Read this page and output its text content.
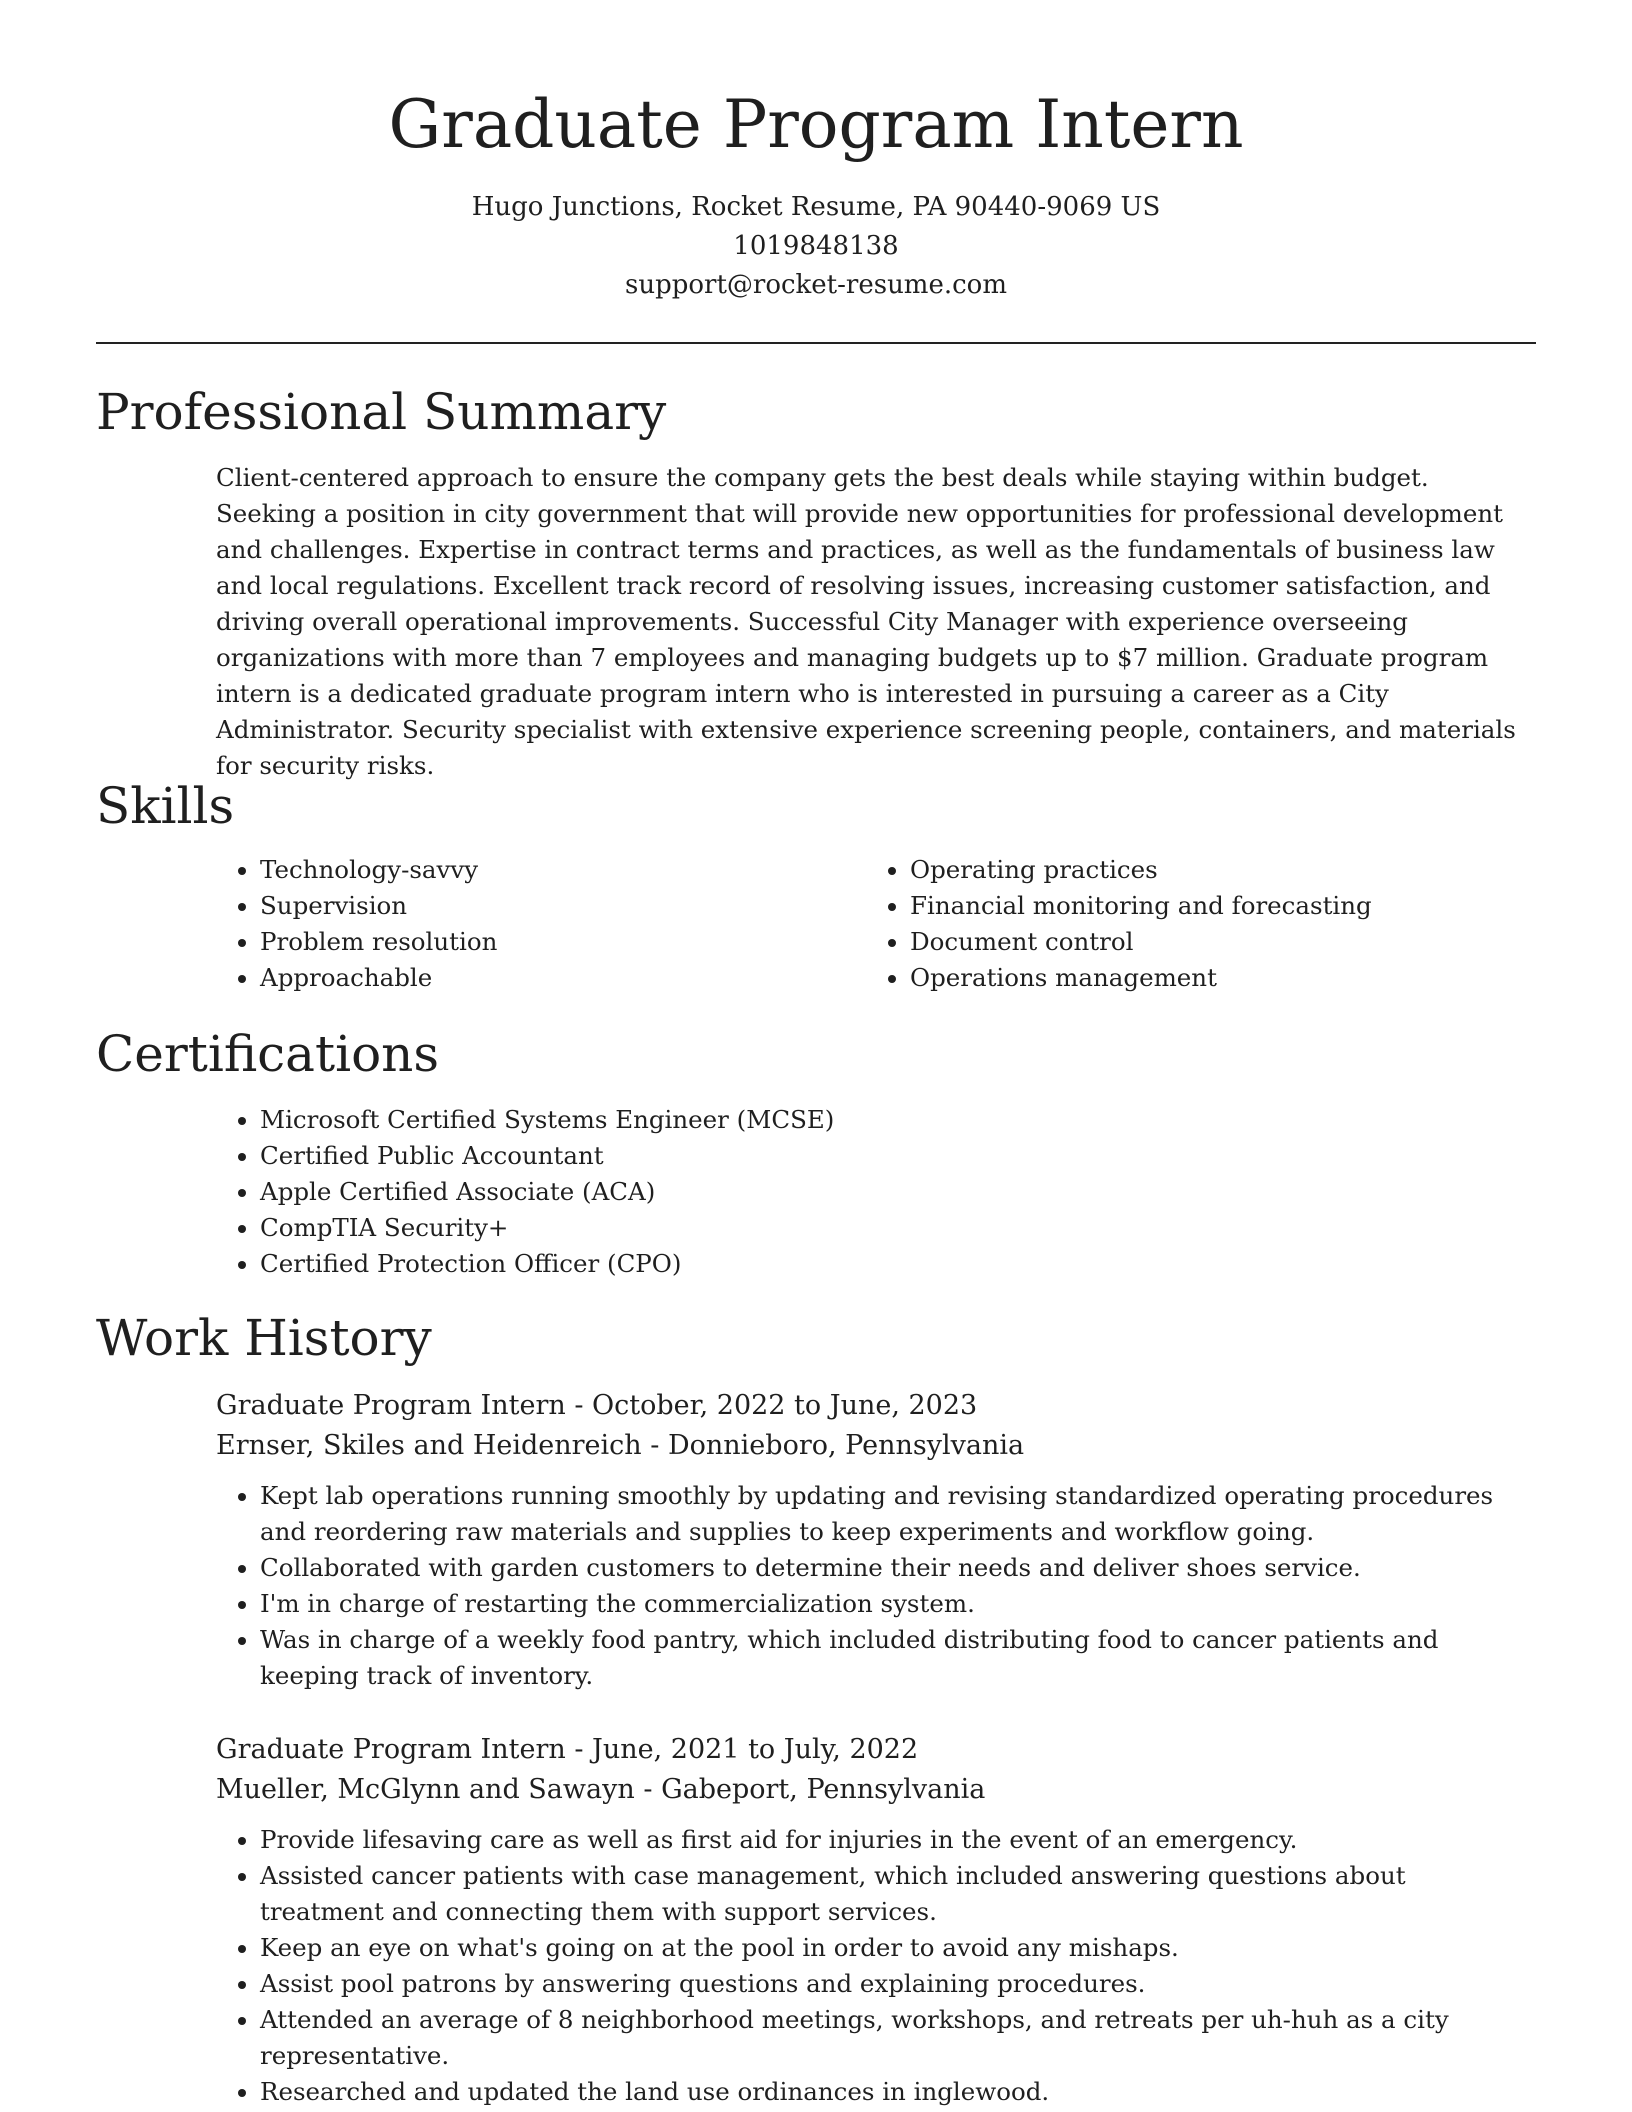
Graduate Program Intern
Hugo Junctions, Rocket Resume, PA 90440-9069 US
1019848138
support@rocket-resume.com
Professional Summary

Client-centered approach to ensure the company gets the best deals while staying within budget. Seeking a position in city government that will provide new opportunities for professional development and challenges. Expertise in contract terms and practices, as well as the fundamentals of business law and local regulations. Excellent track record of resolving issues, increasing customer satisfaction, and driving overall operational improvements. Successful City Manager with experience overseeing organizations with more than 7 employees and managing budgets up to $7 million. Graduate program intern is a dedicated graduate program intern who is interested in pursuing a career as a City Administrator. Security specialist with extensive experience screening people, containers, and materials for security risks.

Skills
• Technology-savvy
• Supervision
• Problem resolution
• Approachable
• Operating practices
• Financial monitoring and forecasting
• Document control
• Operations management
Certifications
• Microsoft Certified Systems Engineer (MCSE)
• Certified Public Accountant
• Apple Certified Associate (ACA)
• CompTIA Security+
• Certified Protection Officer (CPO)
Work History
Graduate Program Intern - October, 2022 to June, 2023
Ernser, Skiles and Heidenreich - Donnieboro, Pennsylvania
• Kept lab operations running smoothly by updating and revising standardized operating procedures and reordering raw materials and supplies to keep experiments and workflow going.
• Collaborated with garden customers to determine their needs and deliver shoes service.
• I'm in charge of restarting the commercialization system.
• Was in charge of a weekly food pantry, which included distributing food to cancer patients and keeping track of inventory.
Graduate Program Intern - June, 2021 to July, 2022
Mueller, McGlynn and Sawayn - Gabeport, Pennsylvania
• Provide lifesaving care as well as first aid for injuries in the event of an emergency.
• Assisted cancer patients with case management, which included answering questions about treatment and connecting them with support services.
• Keep an eye on what's going on at the pool in order to avoid any mishaps.
• Assist pool patrons by answering questions and explaining procedures.
• Attended an average of 8 neighborhood meetings, workshops, and retreats per uh-huh as a city representative.
• Researched and updated the land use ordinances in inglewood.
